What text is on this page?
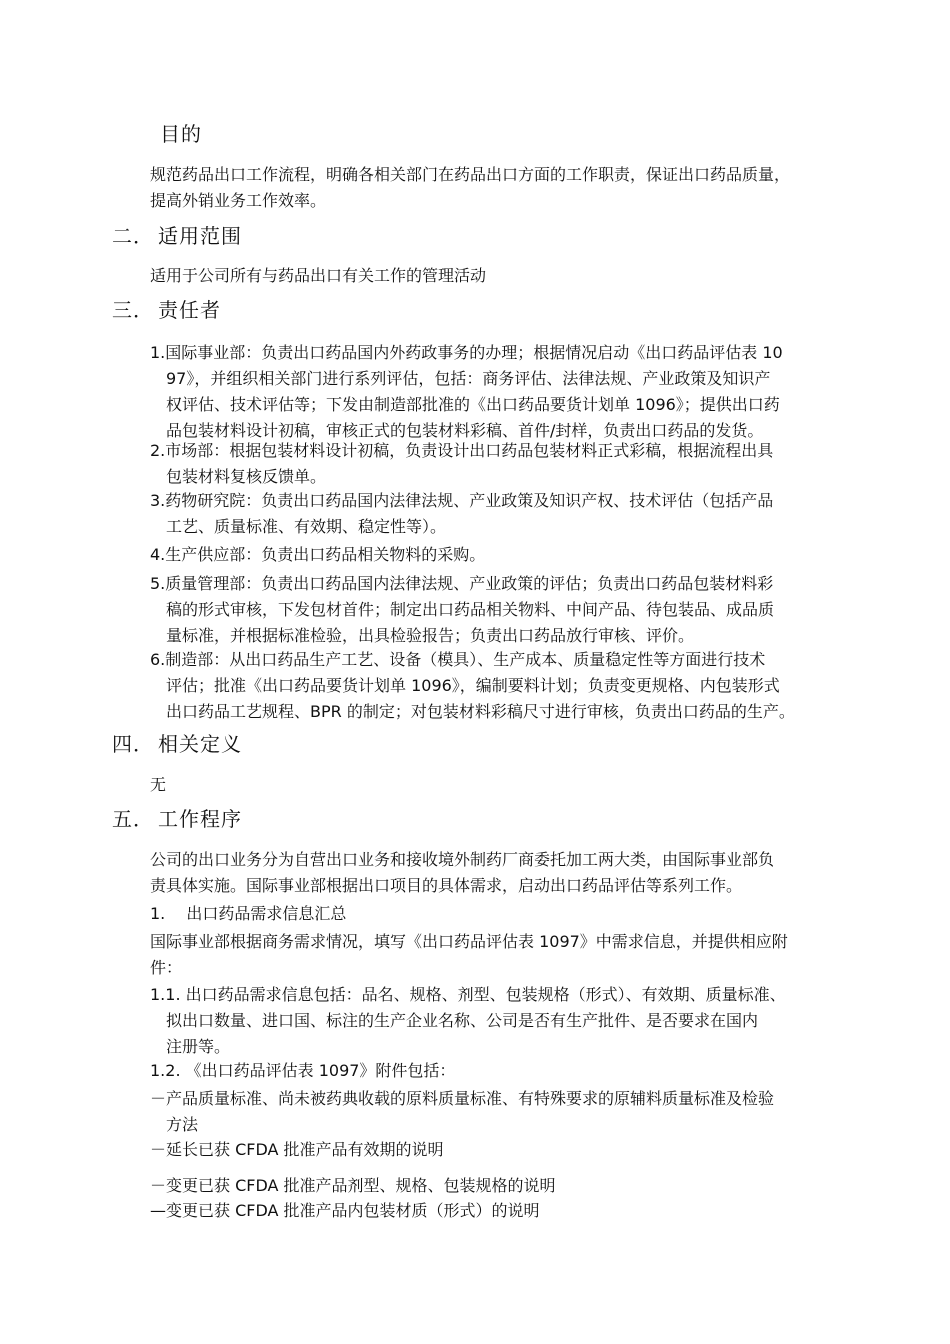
目的
规范药品出口工作流程，明确各相关部门在药品出口方面的工作职责，保证出口药品质量，
提高外销业务工作效率。
二． 适用范围
适用于公司所有与药品出口有关工作的管理活动
三． 责任者
1.国际事业部：负责出口药品国内外药政事务的办理；根据情况启动《出口药品评估表 10
97》，并组织相关部门进行系列评估，包括：商务评估、法律法规、产业政策及知识产
权评估、技术评估等；下发由制造部批准的《出口药品要货计划单 1096》；提供出口药
品包装材料设计初稿，审核正式的包装材料彩稿、首件/封样，负责出口药品的发货。
2.市场部：根据包装材料设计初稿，负责设计出口药品包装材料正式彩稿，根据流程出具
包装材料复核反馈单。
3.药物研究院：负责出口药品国内法律法规、产业政策及知识产权、技术评估（包括产品
工艺、质量标准、有效期、稳定性等）。
4.生产供应部：负责出口药品相关物料的采购。
5.质量管理部：负责出口药品国内法律法规、产业政策的评估；负责出口药品包装材料彩
稿的形式审核，下发包材首件；制定出口药品相关物料、中间产品、待包装品、成品质
量标准，并根据标准检验，出具检验报告；负责出口药品放行审核、评价。
6.制造部：从出口药品生产工艺、设备（模具）、生产成本、质量稳定性等方面进行技术
评估；批准《出口药品要货计划单 1096》，编制要料计划；负责变更规格、内包装形式
出口药品工艺规程、BPR 的制定；对包装材料彩稿尺寸进行审核，负责出口药品的生产。
四． 相关定义
无
五． 工作程序
公司的出口业务分为自营出口业务和接收境外制药厂商委托加工两大类，由国际事业部负
责具体实施。国际事业部根据出口项目的具体需求，启动出口药品评估等系列工作。
1.　 出口药品需求信息汇总
国际事业部根据商务需求情况，填写《出口药品评估表 1097》中需求信息，并提供相应附
件：
1.1. 出口药品需求信息包括：品名、规格、剂型、包装规格（形式）、有效期、质量标准、
拟出口数量、进口国、标注的生产企业名称、公司是否有生产批件、是否要求在国内
注册等。
1.2. 《出口药品评估表 1097》附件包括：
－产品质量标准、尚未被药典收载的原料质量标准、有特殊要求的原辅料质量标准及检验
方法
－延长已获 CFDA 批准产品有效期的说明
－变更已获 CFDA 批准产品剂型、规格、包装规格的说明
—变更已获 CFDA 批准产品内包装材质（形式）的说明
